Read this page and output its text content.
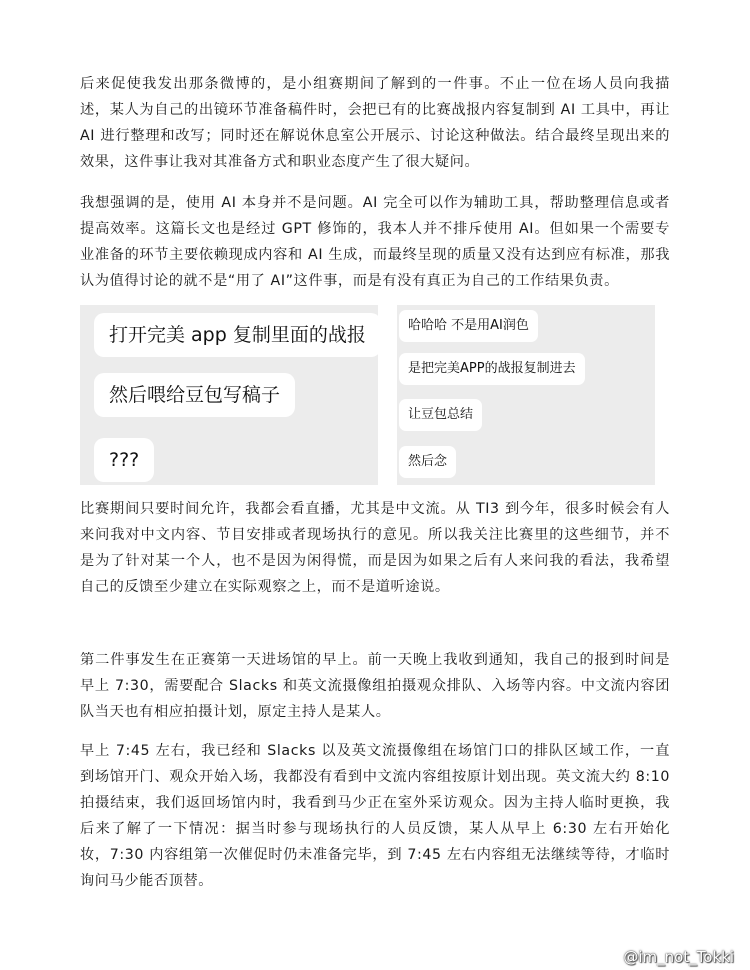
后来促使我发出那条微博的，是小组赛期间了解到的一件事。不止一位在场人员向我描述，某人为自己的出镜环节准备稿件时，会把已有的比赛战报内容复制到 AI 工具中，再让 AI 进行整理和改写；同时还在解说休息室公开展示、讨论这种做法。结合最终呈现出来的效果，这件事让我对其准备方式和职业态度产生了很大疑问。

我想强调的是，使用 AI 本身并不是问题。AI 完全可以作为辅助工具，帮助整理信息或者提高效率。这篇长文也是经过 GPT 修饰的，我本人并不排斥使用 AI。但如果一个需要专业准备的环节主要依赖现成内容和 AI 生成，而最终呈现的质量又没有达到应有标准，那我认为值得讨论的就不是“用了 AI”这件事，而是有没有真正为自己的工作结果负责。

打开完美 app 复制里面的战报
然后喂给豆包写稿子
???
哈哈哈 不是用AI润色
是把完美APP的战报复制进去
让豆包总结
然后念

比赛期间只要时间允许，我都会看直播，尤其是中文流。从 TI3 到今年，很多时候会有人来问我对中文内容、节目安排或者现场执行的意见。所以我关注比赛里的这些细节，并不是为了针对某一个人，也不是因为闲得慌，而是因为如果之后有人来问我的看法，我希望自己的反馈至少建立在实际观察之上，而不是道听途说。

第二件事发生在正赛第一天进场馆的早上。前一天晚上我收到通知，我自己的报到时间是早上 7:30，需要配合 Slacks 和英文流摄像组拍摄观众排队、入场等内容。中文流内容团队当天也有相应拍摄计划，原定主持人是某人。

早上 7:45 左右，我已经和 Slacks 以及英文流摄像组在场馆门口的排队区域工作，一直到场馆开门、观众开始入场，我都没有看到中文流内容组按原计划出现。英文流大约 8:10 拍摄结束，我们返回场馆内时，我看到马少正在室外采访观众。因为主持人临时更换，我后来了解了一下情况：据当时参与现场执行的人员反馈，某人从早上 6:30 左右开始化妆，7:30 内容组第一次催促时仍未准备完毕，到 7:45 左右内容组无法继续等待，才临时询问马少能否顶替。

@im_not_Tokki
